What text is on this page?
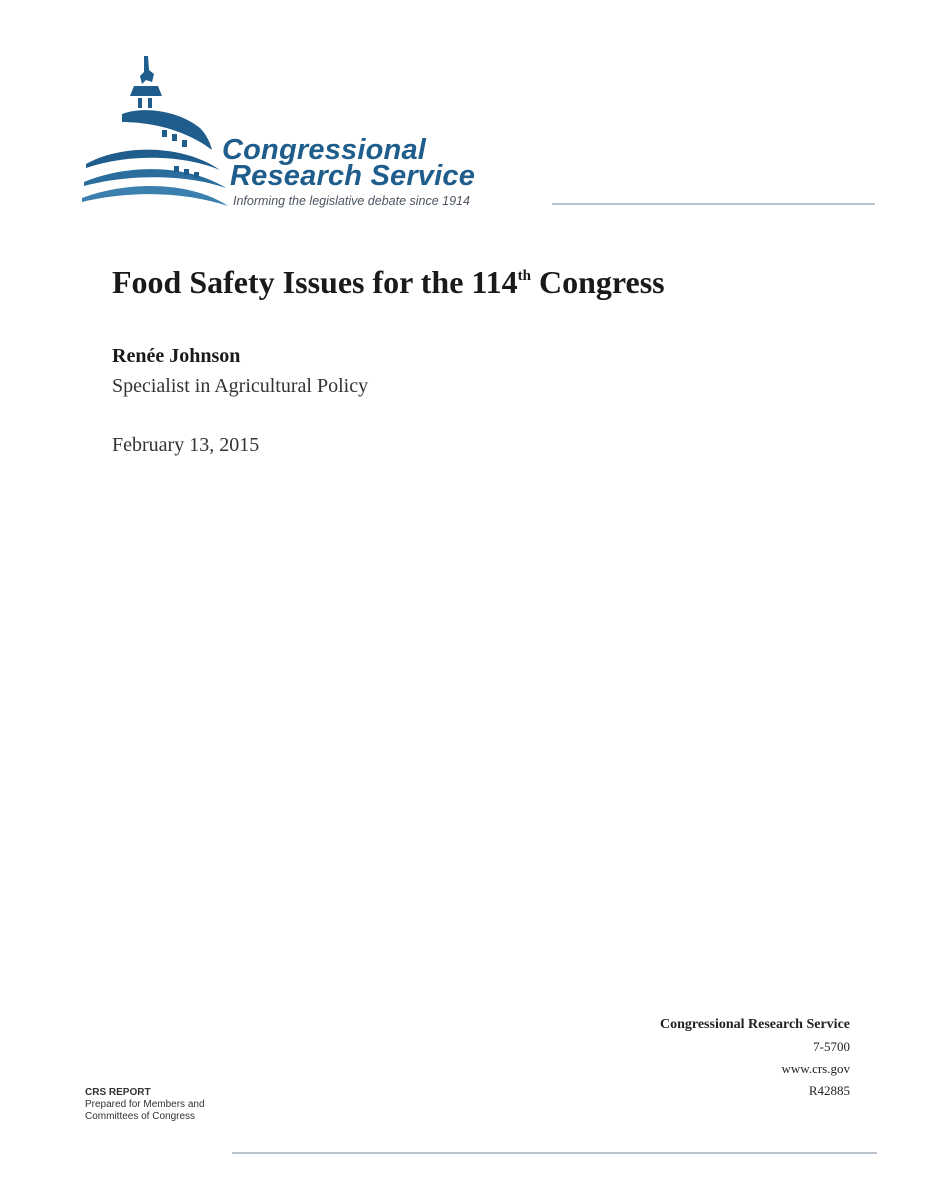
Congressional
Research Service
Informing the legislative debate since 1914
Food Safety Issues for the 114th Congress
Renée Johnson
Specialist in Agricultural Policy
February 13, 2015
Congressional Research Service
7-5700
www.crs.gov
R42885
CRS REPORT
Prepared for Members and
Committees of Congress
